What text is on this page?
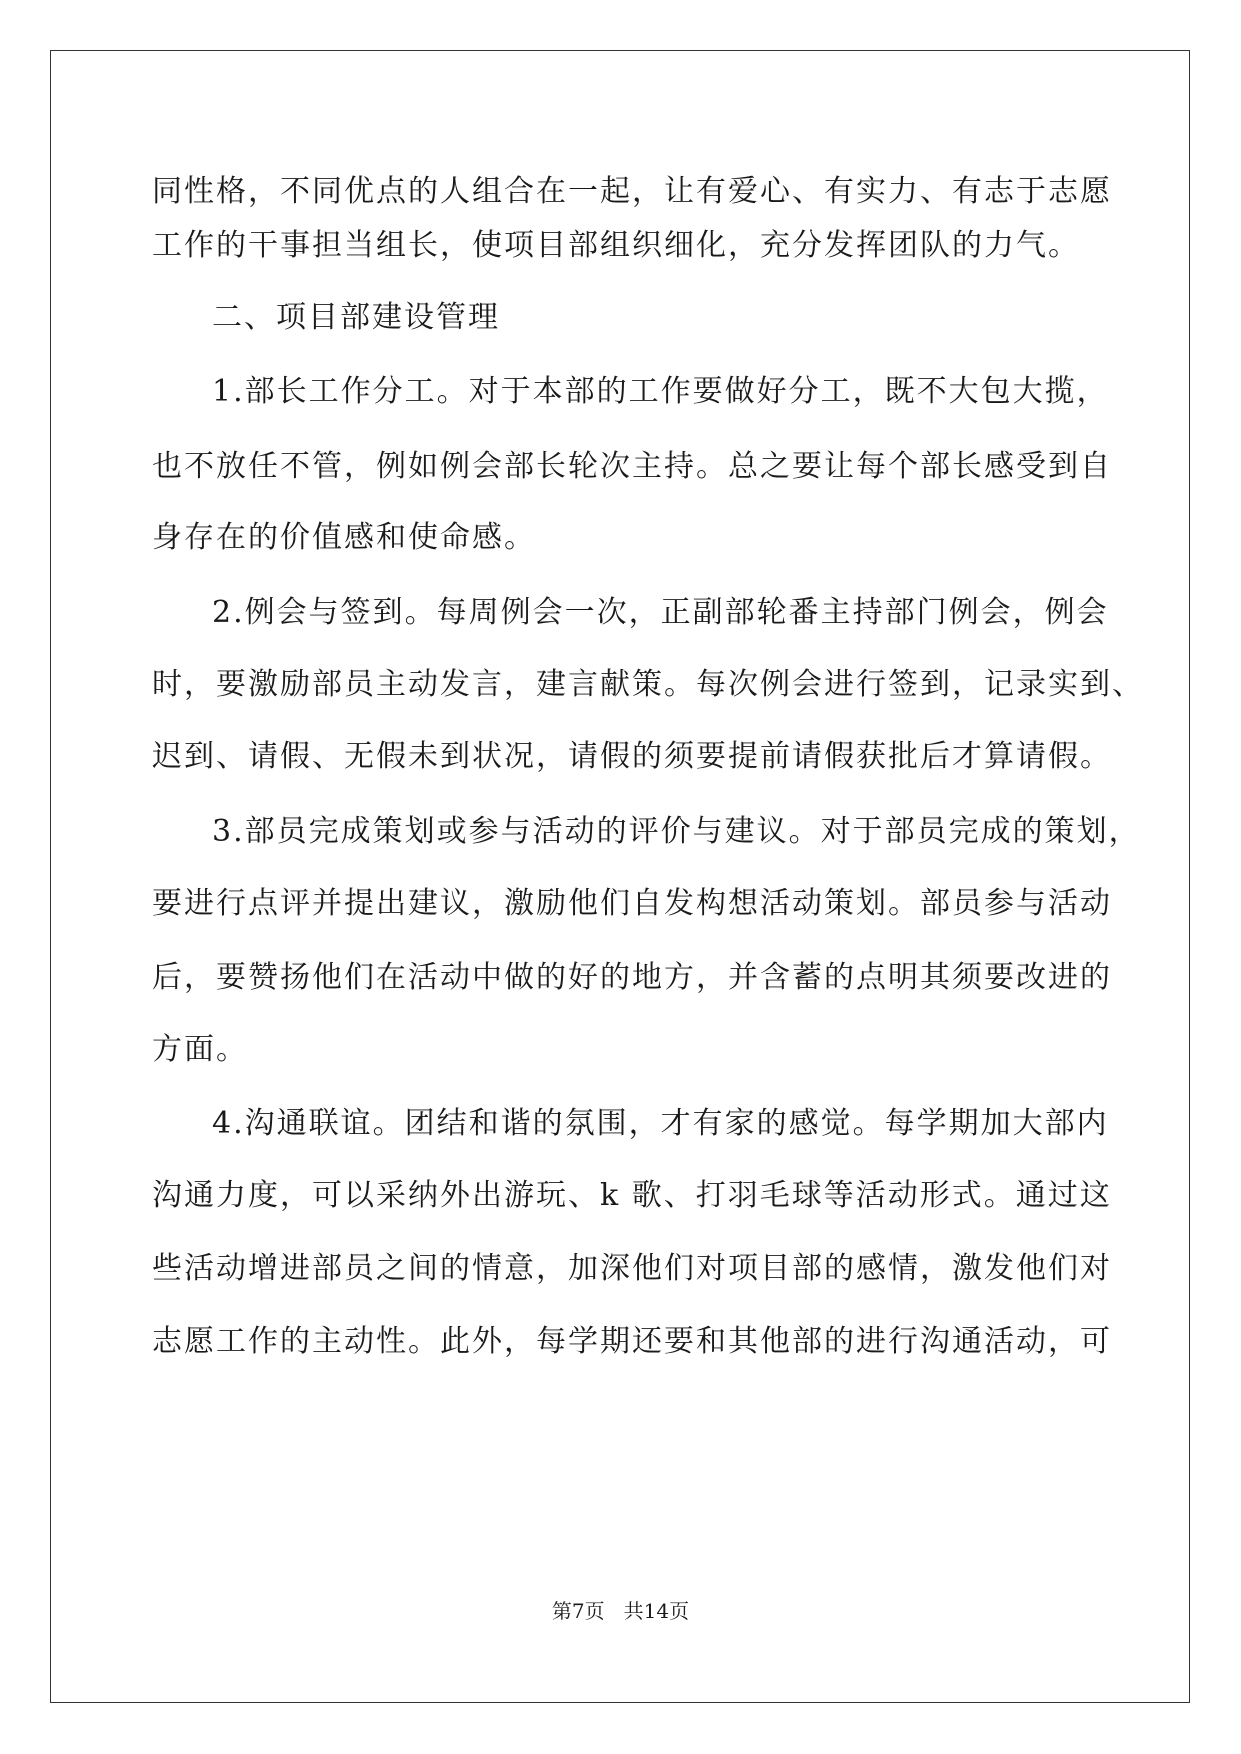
同性格，不同优点的人组合在一起，让有爱心、有实力、有志于志愿
工作的干事担当组长，使项目部组织细化，充分发挥团队的力气。
二、项目部建设管理
1.部长工作分工。对于本部的工作要做好分工，既不大包大揽，
也不放任不管，例如例会部长轮次主持。总之要让每个部长感受到自
身存在的价值感和使命感。
2.例会与签到。每周例会一次，正副部轮番主持部门例会，例会
时，要激励部员主动发言，建言献策。每次例会进行签到，记录实到、
迟到、请假、无假未到状况，请假的须要提前请假获批后才算请假。
3.部员完成策划或参与活动的评价与建议。对于部员完成的策划，
要进行点评并提出建议，激励他们自发构想活动策划。部员参与活动
后，要赞扬他们在活动中做的好的地方，并含蓄的点明其须要改进的
方面。
4.沟通联谊。团结和谐的氛围，才有家的感觉。每学期加大部内
沟通力度，可以采纳外出游玩、k 歌、打羽毛球等活动形式。通过这
些活动增进部员之间的情意，加深他们对项目部的感情，激发他们对
志愿工作的主动性。此外，每学期还要和其他部的进行沟通活动，可
第7页   共14页
